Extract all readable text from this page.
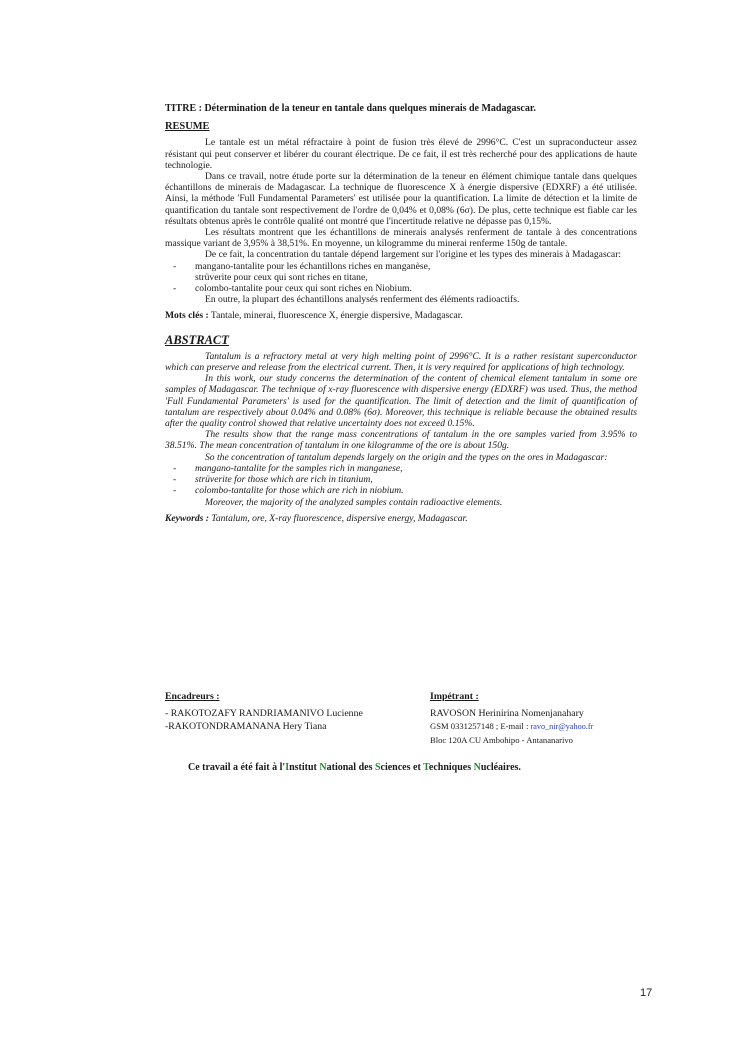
TITRE : Détermination de la teneur en tantale dans quelques minerais de Madagascar.
RESUME

Le tantale est un métal réfractaire à point de fusion très élevé de 2996°C. C'est un supraconducteur assez résistant qui peut conserver et libérer du courant électrique. De ce fait, il est très recherché pour des applications de haute technologie.

Dans ce travail, notre étude porte sur la détermination de la teneur en élément chimique tantale dans quelques échantillons de minerais de Madagascar. La technique de fluorescence X à énergie dispersive (EDXRF) a été utilisée. Ainsi, la méthode 'Full Fundamental Parameters' est utilisée pour la quantification. La limite de détection et la limite de quantification du tantale sont respectivement de l'ordre de 0,04% et 0,08% (6σ). De plus, cette technique est fiable car les résultats obtenus après le contrôle qualité ont montré que l'incertitude relative ne dépasse pas 0,15%.

Les résultats montrent que les échantillons de minerais analysés renferment de tantale à des concentrations massique variant de 3,95% à 38,51%. En moyenne, un kilogramme du minerai renferme 150g de tantale.

De ce fait, la concentration du tantale dépend largement sur l'origine et les types des minerais à Madagascar:

- mangano-tantalite pour les échantillons riches en manganèse,
strüverite pour ceux qui sont riches en titane,
- colombo-tantalite pour ceux qui sont riches en Niobium.

En outre, la plupart des échantillons analysés renferment des éléments radioactifs.

Mots clés : Tantale, minerai, fluorescence X, énergie dispersive, Madagascar.

ABSTRACT

Tantalum is a refractory metal at very high melting point of 2996°C. It is a rather resistant superconductor which can preserve and release from the electrical current. Then, it is very required for applications of high technology.

In this work, our study concerns the determination of the content of chemical element tantalum in some ore samples of Madagascar. The technique of x-ray fluorescence with dispersive energy (EDXRF) was used. Thus, the method 'Full Fundamental Parameters' is used for the quantification. The limit of detection and the limit of quantification of tantalum are respectively about 0.04% and 0.08% (6σ). Moreover, this technique is reliable because the obtained results after the quality control showed that relative uncertainty does not exceed 0.15%.

The results show that the range mass concentrations of tantalum in the ore samples varied from 3.95% to 38.51%. The mean concentration of tantalum in one kilogramme of the ore is about 150g.

So the concentration of tantalum depends largely on the origin and the types on the ores in Madagascar:

- mangano-tantalite for the samples rich in manganese,
- strüverite for those which are rich in titanium,
- colombo-tantalite for those which are rich in niobium.

Moreover, the majority of the analyzed samples contain radioactive elements.

Keywords : Tantalum, ore, X-ray fluorescence, dispersive energy, Madagascar.

Encadreurs :
- RAKOTOZAFY RANDRIAMANIVO Lucienne
-RAKOTONDRAMANANA Hery Tiana
Impétrant :
RAVOSON Herinirina Nomenjanahary
GSM 0331257148 ; E-mail : ravo_nir@yahoo.fr
Bloc 120A CU Ambohipo - Antananarivo
Ce travail a été fait à l'Institut National des Sciences et Techniques Nucléaires.
17
